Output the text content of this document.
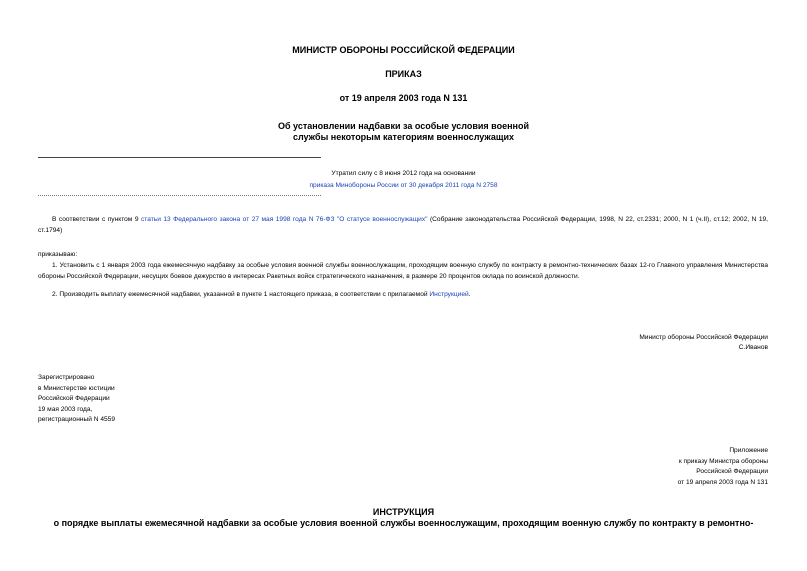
МИНИСТР ОБОРОНЫ РОССИЙСКОЙ ФЕДЕРАЦИИ
ПРИКАЗ
от 19 апреля 2003 года N 131
Об установлении надбавки за особые условия военной
службы некоторым категориям военнослужащих
Утратил силу с 8 июня 2012 года на основании
приказа Минобороны России от 30 декабря 2011 года N 2758
В соответствии с пунктом 9 статьи 13 Федерального закона от 27 мая 1998 года N 76-ФЗ "О статусе военнослужащих" (Собрание законодательства Российской Федерации, 1998, N 22, ст.2331; 2000, N 1 (ч.II), ст.12; 2002, N 19, ст.1794)
приказываю:
1. Установить с 1 января 2003 года ежемесячную надбавку за особые условия военной службы военнослужащим, проходящим военную службу по контракту в ремонтно-технических базах 12-го Главного управления Министерства обороны Российской Федерации, несущих боевое дежурство в интересах Ракетных войск стратегического назначения, в размере 20 процентов оклада по воинской должности.
2. Производить выплату ежемесячной надбавки, указанной в пункте 1 настоящего приказа, в соответствии с прилагаемой Инструкцией.
Министр обороны Российской Федерации
С.Иванов
Зарегистрировано
в Министерстве юстиции
Российской Федерации
19 мая 2003 года,
регистрационный N 4559
Приложение
к приказу Министра обороны
Российской Федерации
от 19 апреля 2003 года N 131
ИНСТРУКЦИЯ
о порядке выплаты ежемесячной надбавки за особые условия военной службы военнослужащим, проходящим военную службу по контракту в ремонтно-
